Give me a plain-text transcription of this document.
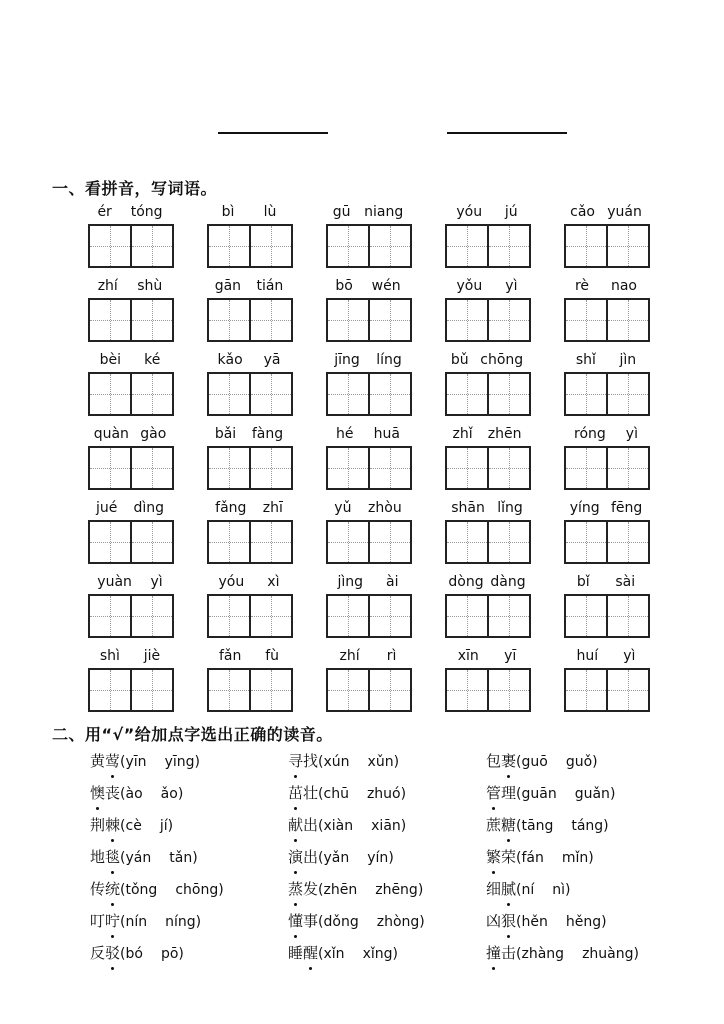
一、看拼音，写词语。
ér tóng	bì lù	gū niang	yóu jú	cǎo yuán
zhí shù	gān tián	bō wén	yǒu yì	rè nao
bèi ké	kǎo yā	jīng líng	bǔ chōng	shǐ jìn
quàn gào	bǎi fàng	hé huā	zhǐ zhēn	róng yì
jué dìng	fǎng zhī	yǔ zhòu	shān lǐng	yíng fēng
yuàn yì	yóu xì	jìng ài	dòng dàng	bǐ sài
shì jiè	fǎn fù	zhí rì	xīn yī	huí yì
二、用“√”给加点字选出正确的读音。
黄莺(yīn yīng)	寻找(xún xǔn)	包裹(guō guǒ)
懊丧(ào ǎo)	茁壮(chū zhuó)	管理(guān guǎn)
荆棘(cè jí)	献出(xiàn xiān)	蔗糖(tāng táng)
地毯(yán tǎn)	演出(yǎn yín)	繁荣(fán mǐn)
传统(tǒng chōng)	蒸发(zhēn zhēng)	细腻(ní nì)
叮咛(nín níng)	懂事(dǒng zhòng)	凶狠(hěn hěng)
反驳(bó pō)	睡醒(xǐn xǐng)	撞击(zhàng zhuàng)
